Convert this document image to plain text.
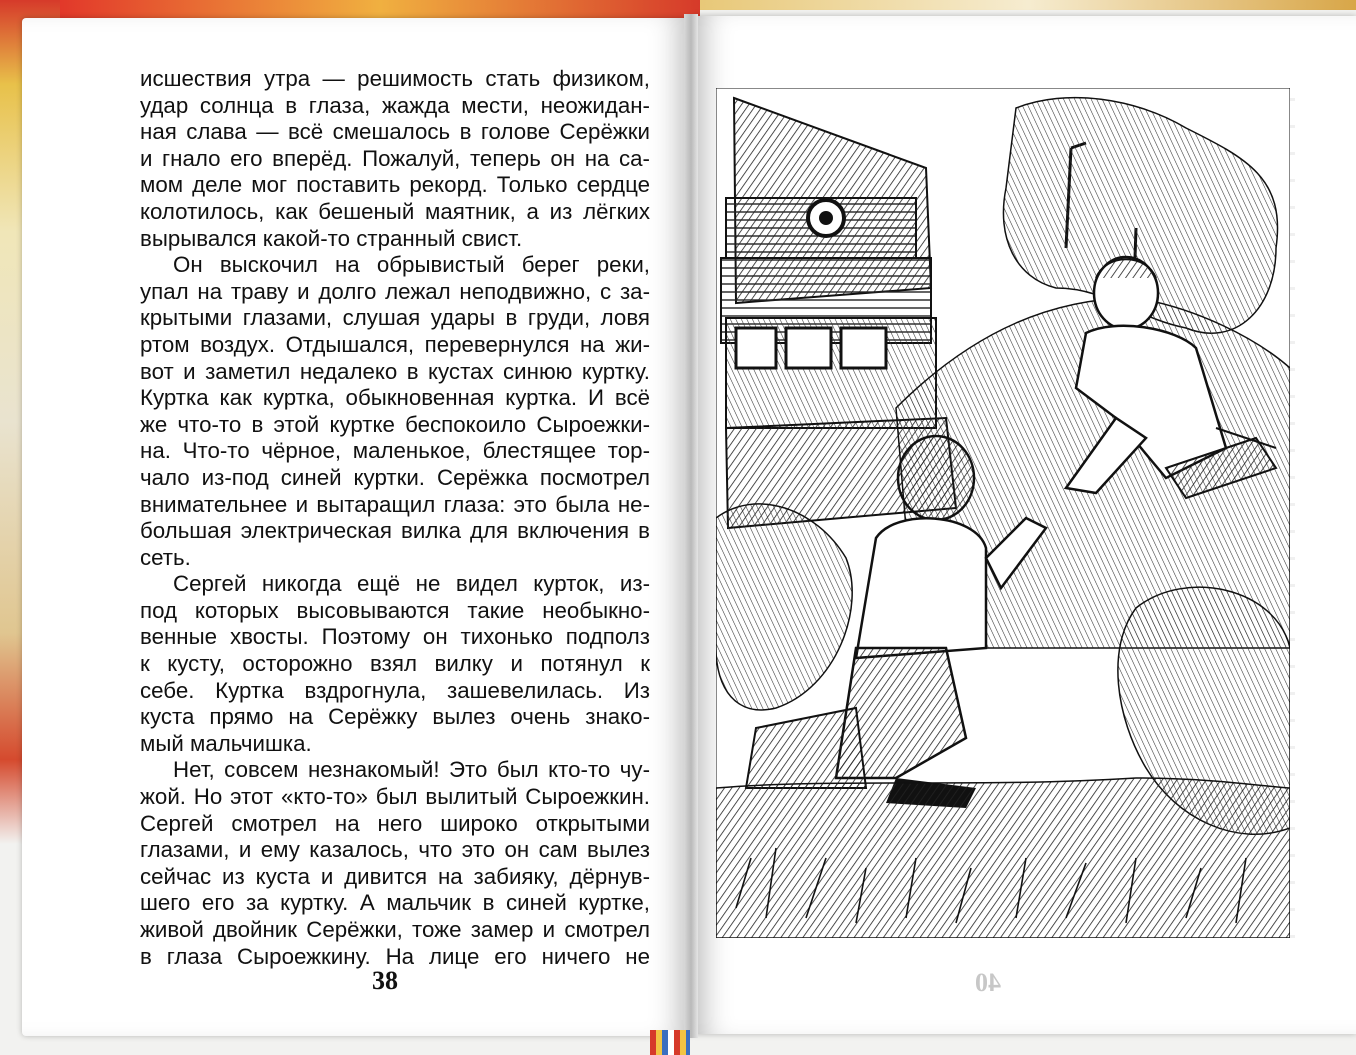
исшествия утра — решимость стать физиком,
удар солнца в глаза, жажда мести, неожидан-
ная слава — всё смешалось в голове Серёжки
и гнало его вперёд. Пожалуй, теперь он на са-
мом деле мог поставить рекорд. Только сердце
колотилось, как бешеный маятник, а из лёгких
вырывался какой-то странный свист.
Он выскочил на обрывистый берег реки,
упал на траву и долго лежал неподвижно, с за-
крытыми глазами, слушая удары в груди, ловя
ртом воздух. Отдышался, перевернулся на жи-
вот и заметил недалеко в кустах синюю куртку.
Куртка как куртка, обыкновенная куртка. И всё
же что-то в этой куртке беспокоило Сыроежки-
на. Что-то чёрное, маленькое, блестящее тор-
чало из-под синей куртки. Серёжка посмотрел
внимательнее и вытаращил глаза: это была не-
большая электрическая вилка для включения в
сеть.
Сергей никогда ещё не видел курток, из-
под которых высовываются такие необыкно-
венные хвосты. Поэтому он тихонько подполз
к кусту, осторожно взял вилку и потянул к
себе. Куртка вздрогнула, зашевелилась. Из
куста прямо на Серёжку вылез очень знако-
мый мальчишка.
Нет, совсем незнакомый! Это был кто-то чу-
жой. Но этот «кто-то» был вылитый Сыроежкин.
Сергей смотрел на него широко открытыми
глазами, и ему казалось, что это он сам вылез
сейчас из куста и дивится на забияку, дёрнув-
шего его за куртку. А мальчик в синей куртке,
живой двойник Серёжки, тоже замер и смотрел
в глаза Сыроежкину. На лице его ничего не
38	40
